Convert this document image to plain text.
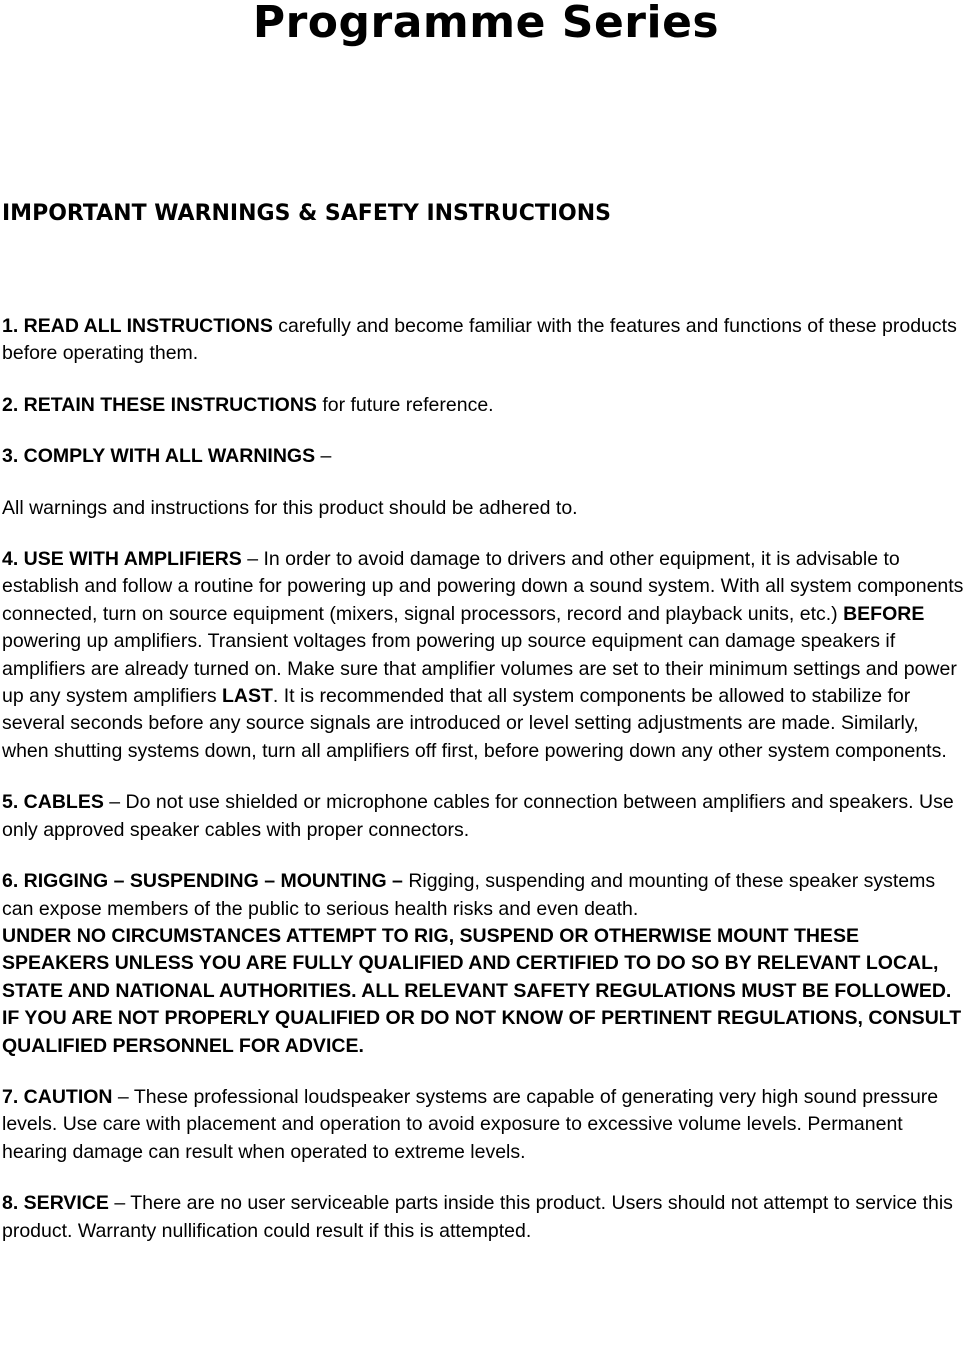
Programme Series
IMPORTANT WARNINGS & SAFETY INSTRUCTIONS

1. READ ALL INSTRUCTIONS carefully and become familiar with the features and functions of these products before operating them.

2. RETAIN THESE INSTRUCTIONS for future reference.

3. COMPLY WITH ALL WARNINGS –

All warnings and instructions for this product should be adhered to.

4. USE WITH AMPLIFIERS – In order to avoid damage to drivers and other equipment, it is advisable to establish and follow a routine for powering up and powering down a sound system. With all system components connected, turn on source equipment (mixers, signal processors, record and playback units, etc.) BEFORE powering up amplifiers. Transient voltages from powering up source equipment can damage speakers if amplifiers are already turned on. Make sure that amplifier volumes are set to their minimum settings and power up any system amplifiers LAST. It is recommended that all system components be allowed to stabilize for several seconds before any source signals are introduced or level setting adjustments are made. Similarly, when shutting systems down, turn all amplifiers off first, before powering down any other system components.

5. CABLES – Do not use shielded or microphone cables for connection between amplifiers and speakers. Use only approved speaker cables with proper connectors.

6. RIGGING – SUSPENDING – MOUNTING – Rigging, suspending and mounting of these speaker systems can expose members of the public to serious health risks and even death.
UNDER NO CIRCUMSTANCES ATTEMPT TO RIG, SUSPEND OR OTHERWISE MOUNT THESE SPEAKERS UNLESS YOU ARE FULLY QUALIFIED AND CERTIFIED TO DO SO BY RELEVANT LOCAL, STATE AND NATIONAL AUTHORITIES. ALL RELEVANT SAFETY REGULATIONS MUST BE FOLLOWED. IF YOU ARE NOT PROPERLY QUALIFIED OR DO NOT KNOW OF PERTINENT REGULATIONS, CONSULT QUALIFIED PERSONNEL FOR ADVICE.

7. CAUTION – These professional loudspeaker systems are capable of generating very high sound pressure levels. Use care with placement and operation to avoid exposure to excessive volume levels. Permanent hearing damage can result when operated to extreme levels.

8. SERVICE – There are no user serviceable parts inside this product. Users should not attempt to service this product. Warranty nullification could result if this is attempted.
